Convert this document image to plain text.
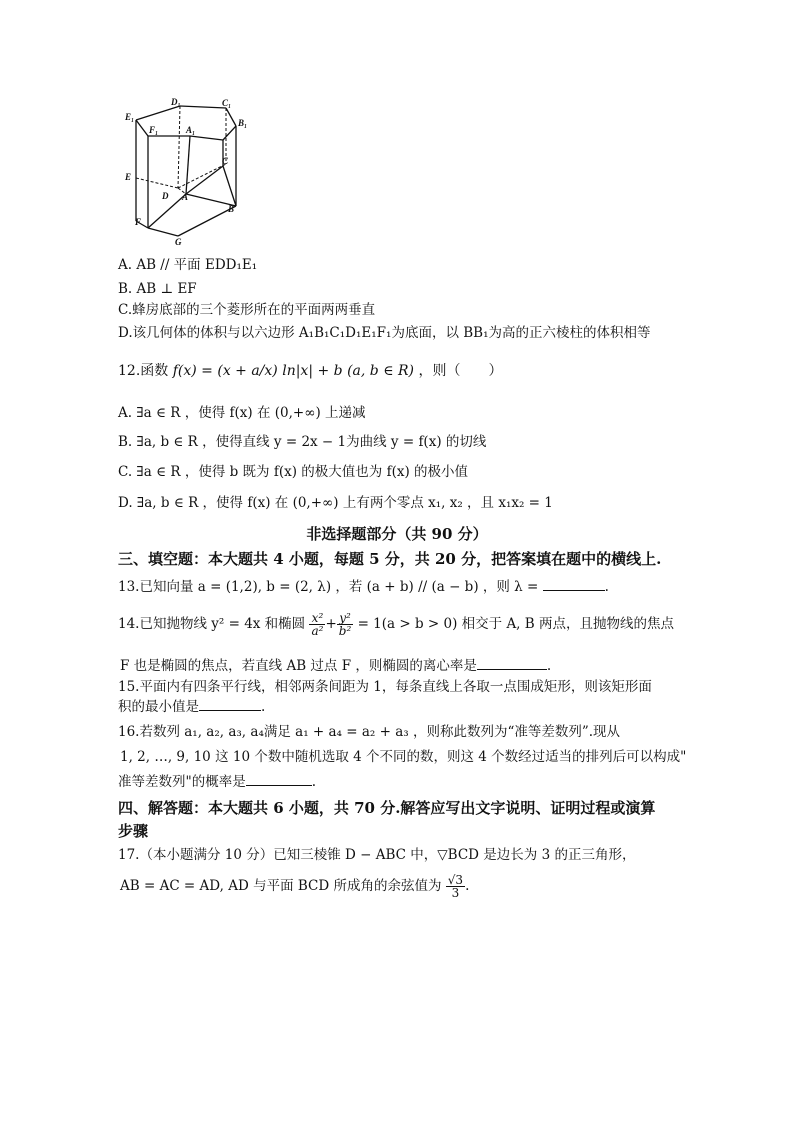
D₁	C₁
E₁
B₁
F₁	A₁
C
E
D A
F
B
G
A. AB // 平面 EDD₁E₁
B. AB ⊥ EF
C.蜂房底部的三个菱形所在的平面两两垂直
D.该几何体的体积与以六边形 A₁B₁C₁D₁E₁F₁为底面，以 BB₁为高的正六棱柱的体积相等
12.函数 f(x) = (x + a/x) ln|x| + b (a, b ∈ R) ，则（　　）
A. ∃a ∈ R ，使得 f(x) 在 (0,+∞) 上递减
B. ∃a, b ∈ R ，使得直线 y = 2x − 1为曲线 y = f(x) 的切线
C. ∃a ∈ R ，使得 b 既为 f(x) 的极大值也为 f(x) 的极小值
D. ∃a, b ∈ R ，使得 f(x) 在 (0,+∞) 上有两个零点 x₁, x₂ ，且 x₁x₂ = 1
非选择题部分（共 90 分）
三、填空题：本大题共 4 小题，每题 5 分，共 20 分，把答案填在题中的横线上.
13.已知向量 a = (1,2), b = (2, λ) ，若 (a + b) // (a − b) ，则 λ =	.
14.已知抛物线 y² = 4x 和椭圆 $\frac{\text{x²}}{\text{a²}} + \frac{\text{y²}}{\text{b²}} = 1(a > b > 0)$ 相交于 A, B 两点，且抛物线的焦点
F 也是椭圆的焦点，若直线 AB 过点 F ，则椭圆的离心率是	.
15.平面内有四条平行线，相邻两条间距为 1，每条直线上各取一点围成矩形，则该矩形面
积的最小值是	.
16.若数列 a₁, a₂, a₃, a₄满足 a₁ + a₄ = a₂ + a₃ ，则称此数列为“准等差数列”.现从
1, 2, …, 9, 10 这 10 个数中随机选取 4 个不同的数，则这 4 个数经过适当的排列后可以构成"
准等差数列"的概率是	.
四、解答题：本大题共 6 小题，共 70 分.解答应写出文字说明、证明过程或演算
步骤
17.（本小题满分 10 分）已知三棱锥 D − ABC 中，▽BCD 是边长为 3 的正三角形，
AB = AC = AD, AD 与平面 BCD 所成角的余弦值为 $\frac{√3}{3}$ .
